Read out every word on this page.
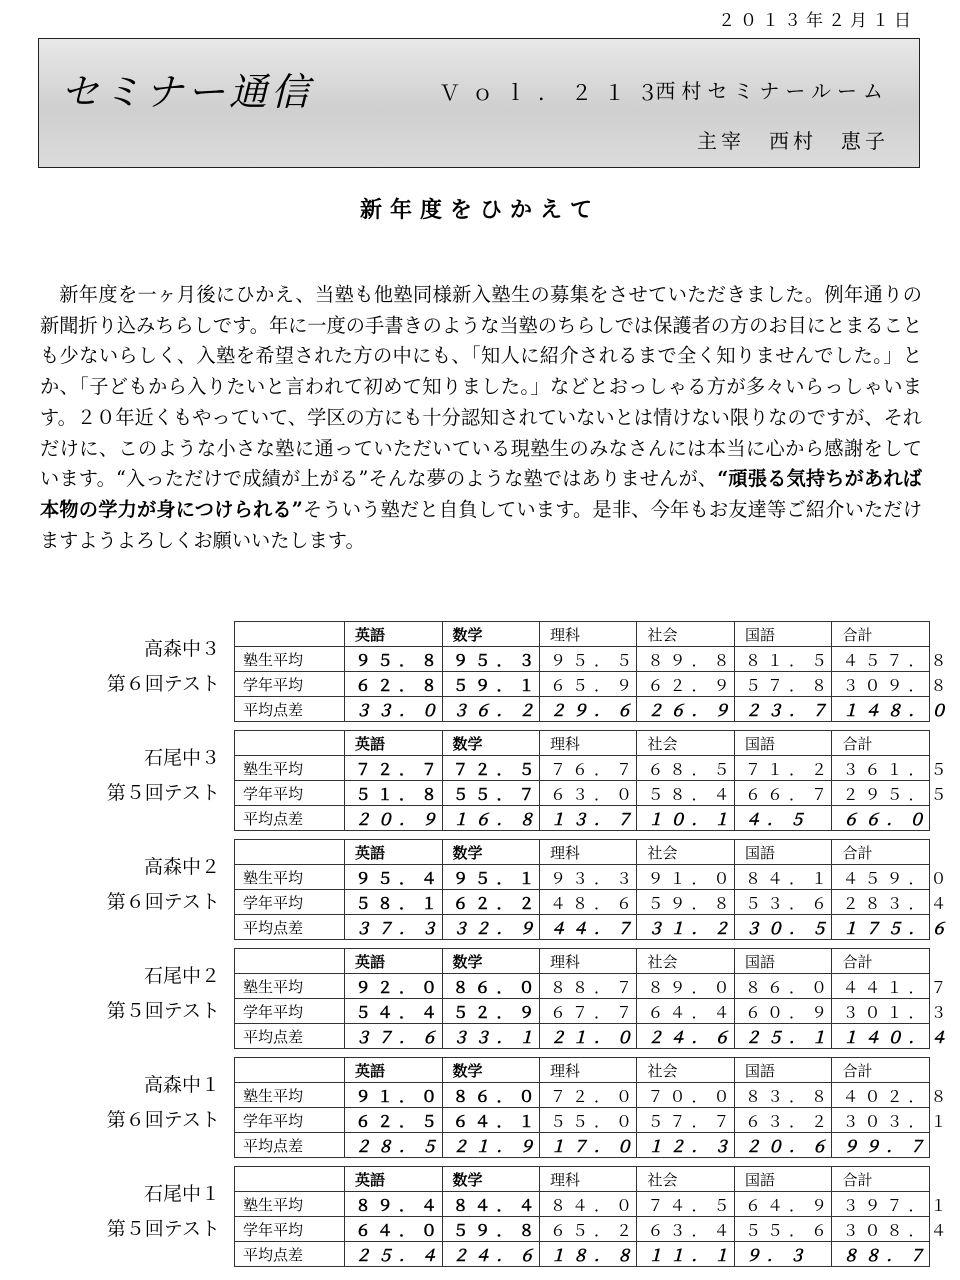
２０１３年２月１日
セミナー通信	Ｖｏｌ．２１３
西村セミナールーム
主宰　西村　恵子
新年度をひかえて
新年度を一ヶ月後にひかえ、当塾も他塾同様新入塾生の募集をさせていただきました。例年通りの新聞折り込みちらしです。年に一度の手書きのような当塾のちらしでは保護者の方のお目にとまることも少ないらしく、入塾を希望された方の中にも、「知人に紹介されるまで全く知りませんでした。」とか、「子どもから入りたいと言われて初めて知りました。」などとおっしゃる方が多々いらっしゃいます。２０年近くもやっていて、学区の方にも十分認知されていないとは情けない限りなのですが、それだけに、このような小さな塾に通っていただいている現塾生のみなさんには本当に心から感謝をしています。“入っただけで成績が上がる”そんな夢のような塾ではありませんが、“頑張る気持ちがあれば本物の学力が身につけられる”そういう塾だと自負しています。是非、今年もお友達等ご紹介いただけますようよろしくお願いいたします。
高森中３
第６回テスト
	英語	数学	理科	社会	国語	合計
塾生平均	９５．８	９５．３	９５．５	８９．８	８１．５	４５７．８
学年平均	６２．８	５９．１	６５．９	６２．９	５７．８	３０９．８
平均点差	３３．０	３６．２	２９．６	２６．９	２３．７	１４８．０
石尾中３
第５回テスト
	英語	数学	理科	社会	国語	合計
塾生平均	７２．７	７２．５	７６．７	６８．５	７１．２	３６１．５
学年平均	５１．８	５５．７	６３．０	５８．４	６６．７	２９５．５
平均点差	２０．９	１６．８	１３．７	１０．１	４．５	６６．０
高森中２
第６回テスト
	英語	数学	理科	社会	国語	合計
塾生平均	９５．４	９５．１	９３．３	９１．０	８４．１	４５９．０
学年平均	５８．１	６２．２	４８．６	５９．８	５３．６	２８３．４
平均点差	３７．３	３２．９	４４．７	３１．２	３０．５	１７５．６
石尾中２
第５回テスト
	英語	数学	理科	社会	国語	合計
塾生平均	９２．０	８６．０	８８．７	８９．０	８６．０	４４１．７
学年平均	５４．４	５２．９	６７．７	６４．４	６０．９	３０１．３
平均点差	３７．６	３３．１	２１．０	２４．６	２５．１	１４０．４
高森中１
第６回テスト
	英語	数学	理科	社会	国語	合計
塾生平均	９１．０	８６．０	７２．０	７０．０	８３．８	４０２．８
学年平均	６２．５	６４．１	５５．０	５７．７	６３．２	３０３．１
平均点差	２８．５	２１．９	１７．０	１２．３	２０．６	９９．７
石尾中１
第５回テスト
	英語	数学	理科	社会	国語	合計
塾生平均	８９．４	８４．４	８４．０	７４．５	６４．９	３９７．１
学年平均	６４．０	５９．８	６５．２	６３．４	５５．６	３０８．４
平均点差	２５．４	２４．６	１８．８	１１．１	９．３	８８．７
